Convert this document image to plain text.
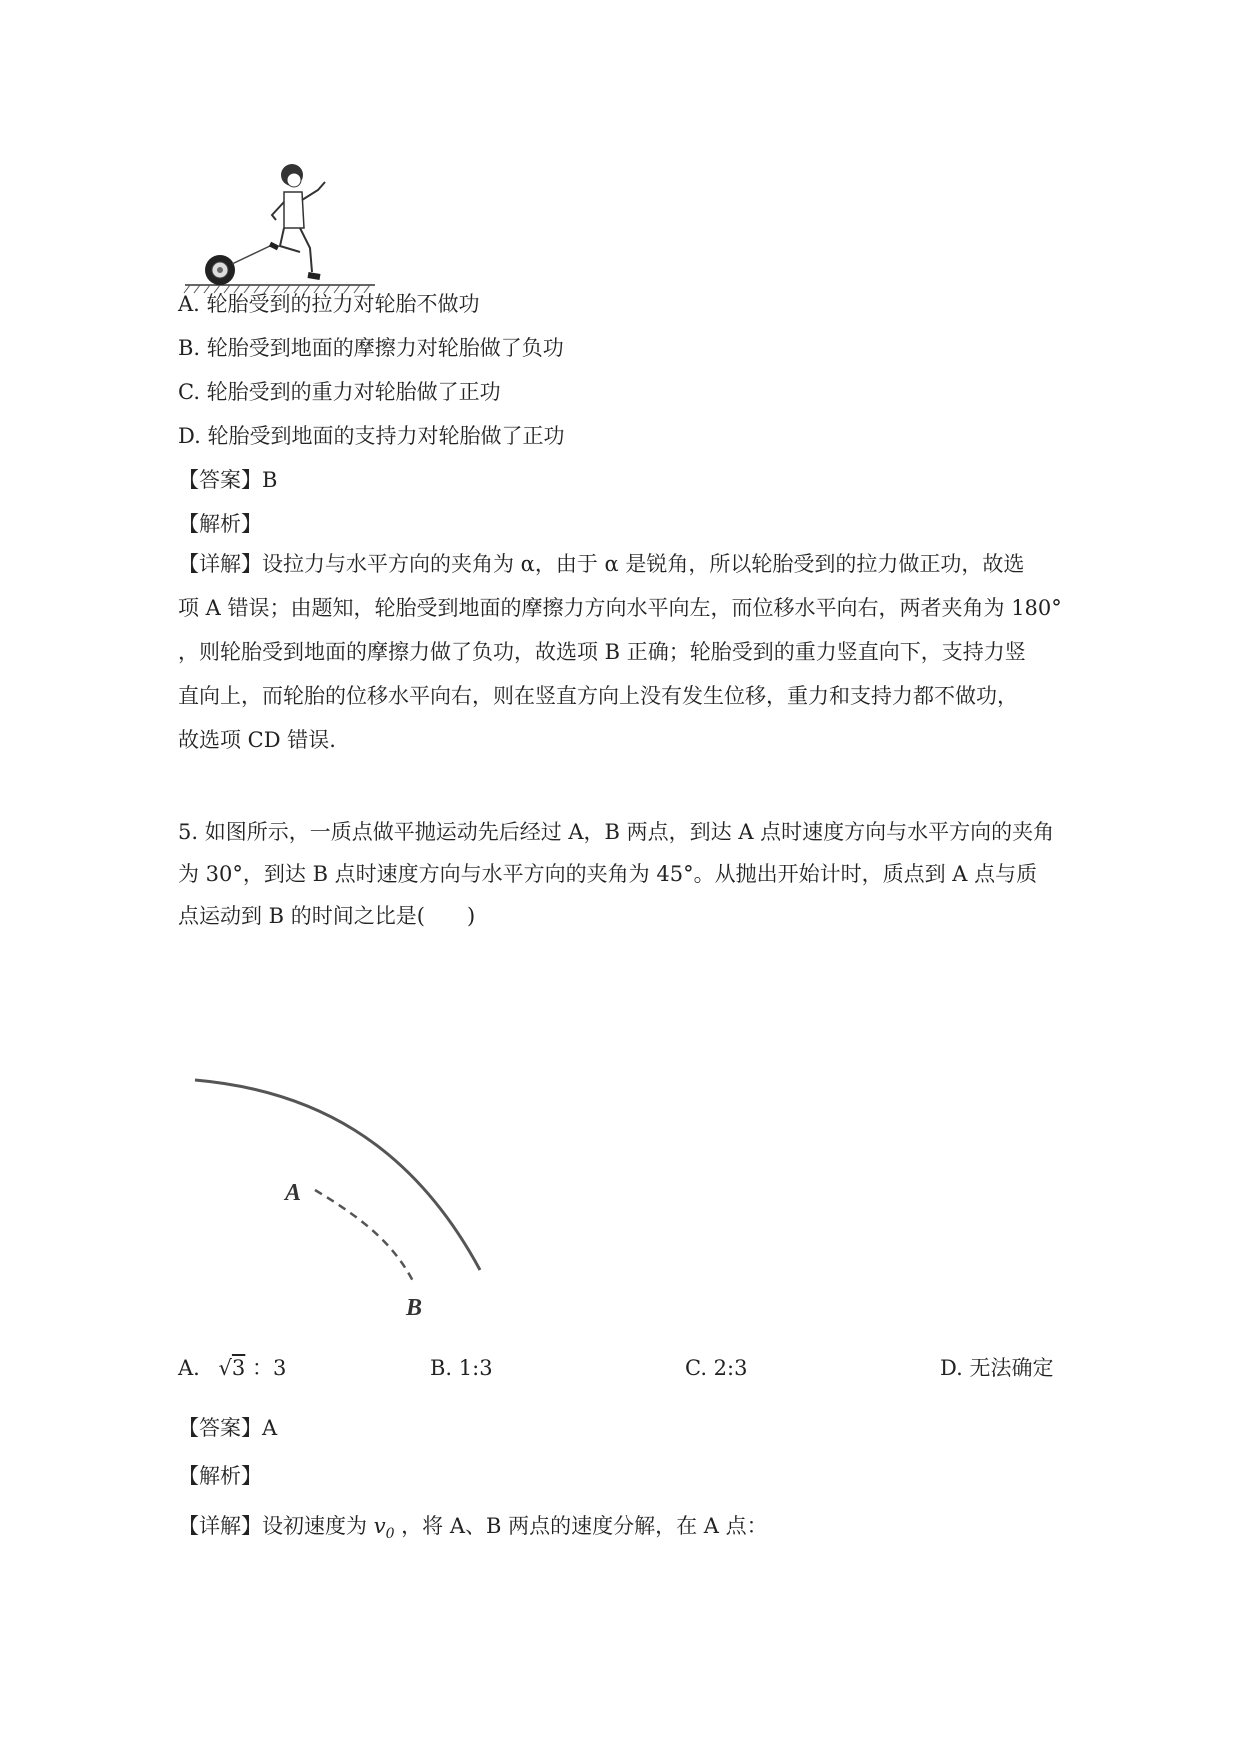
A. 轮胎受到的拉力对轮胎不做功
B. 轮胎受到地面的摩擦力对轮胎做了负功
C. 轮胎受到的重力对轮胎做了正功
D. 轮胎受到地面的支持力对轮胎做了正功
【答案】B
【解析】
【详解】设拉力与水平方向的夹角为 α，由于 α 是锐角，所以轮胎受到的拉力做正功，故选
项 A 错误；由题知，轮胎受到地面的摩擦力方向水平向左，而位移水平向右，两者夹角为 180°
，则轮胎受到地面的摩擦力做了负功，故选项 B 正确；轮胎受到的重力竖直向下，支持力竖
直向上，而轮胎的位移水平向右，则在竖直方向上没有发生位移，重力和支持力都不做功，
故选项 CD 错误.
5. 如图所示，一质点做平抛运动先后经过 A，B 两点，到达 A 点时速度方向与水平方向的夹角
为 30°，到达 B 点时速度方向与水平方向的夹角为 45°。从抛出开始计时，质点到 A 点与质
点运动到 B 的时间之比是(　　)
A
B
A. √3 ：3	B. 1:3	C. 2:3	D. 无法确定
【答案】A
【解析】
【详解】设初速度为 $v_0$ ，将 A、B 两点的速度分解，在 A 点：
